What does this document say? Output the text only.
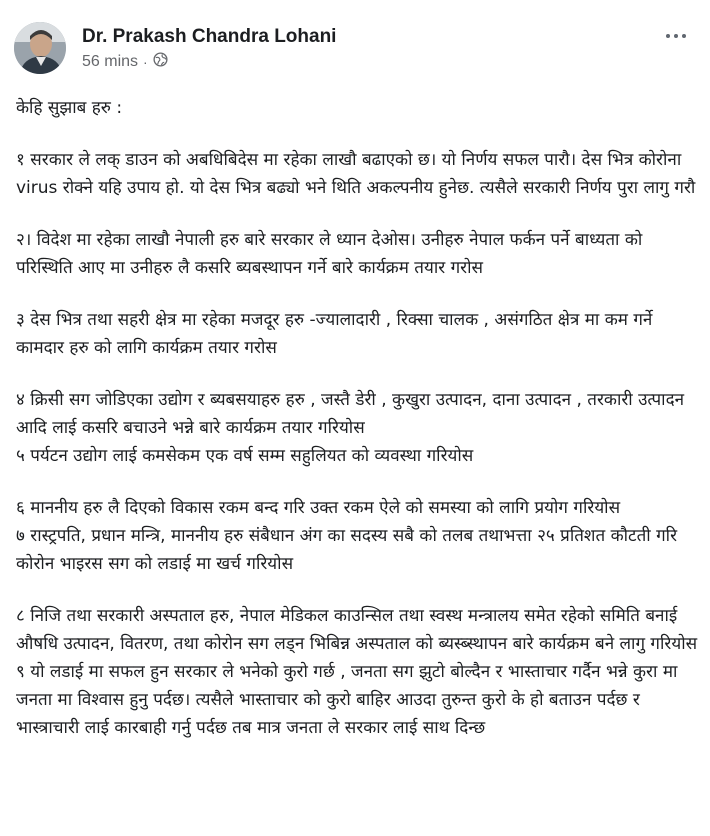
Dr. Prakash Chandra Lohani
56 mins ·

केहि सुझाब हरु :

१ सरकार ले लक् डाउन को अबधिबिदेस मा रहेका लाखौ बढाएको छ। यो निर्णय सफल पारौ। देस भित्र कोरोना virus रोक्ने यहि उपाय हो. यो देस भित्र बढ्यो भने थिति अकल्पनीय हुनेछ. त्यसैले सरकारी निर्णय पुरा लागु गरौ

२। विदेश मा रहेका लाखौ नेपाली हरु बारे सरकार ले ध्यान देओस। उनीहरु नेपाल फर्कन पर्ने बाध्यता को परिस्थिति आए मा उनीहरु लै कसरि ब्यबस्थापन गर्ने बारे कार्यक्रम तयार गरोस

३ देस भित्र तथा सहरी क्षेत्र मा रहेका मजदूर हरु -ज्यालादारी , रिक्सा चालक , असंगठित क्षेत्र मा कम गर्ने कामदार हरु को लागि कार्यक्रम तयार गरोस

४ क्रिसी सग जोडिएका उद्योग र ब्यबसयाहरु हरु , जस्तै डेरी , कुखुरा उत्पादन, दाना उत्पादन , तरकारी उत्पादन आदि लाई कसरि बचाउने भन्ने बारे कार्यक्रम तयार गरियोस

५ पर्यटन उद्योग लाई कमसेकम एक वर्ष सम्म सहुलियत को व्यवस्था गरियोस

६ माननीय हरु लै दिएको विकास रकम बन्द गरि उक्त रकम ऐले को समस्या को लागि प्रयोग गरियोस

७ रास्ट्रपति, प्रधान मन्त्रि, माननीय हरु संबैधान अंग का सदस्य सबै को तलब तथाभत्ता २५ प्रतिशत कौटती गरि कोरोन भाइरस सग को लडाई मा खर्च गरियोस

८ निजि तथा सरकारी अस्पताल हरु, नेपाल मेडिकल काउन्सिल तथा स्वस्थ मन्त्रालय समेत रहेको समिति बनाई औषधि उत्पादन, वितरण, तथा कोरोन सग लड्न भिबिन्न अस्पताल को ब्यस्ब्स्थापन बारे कार्यक्रम बने लागु गरियोस

९ यो लडाई मा सफल हुन सरकार ले भनेको कुरो गर्छ , जनता सग झुटो बोल्दैन र भास्ताचार गर्दैन भन्ने कुरा मा जनता मा विश्वास हुनु पर्दछ। त्यसैले भास्ताचार को कुरो बाहिर आउदा तुरुन्त कुरो के हो बताउन पर्दछ र भास्त्राचारी लाई कारबाही गर्नु पर्दछ तब मात्र जनता ले सरकार लाई साथ दिन्छ
